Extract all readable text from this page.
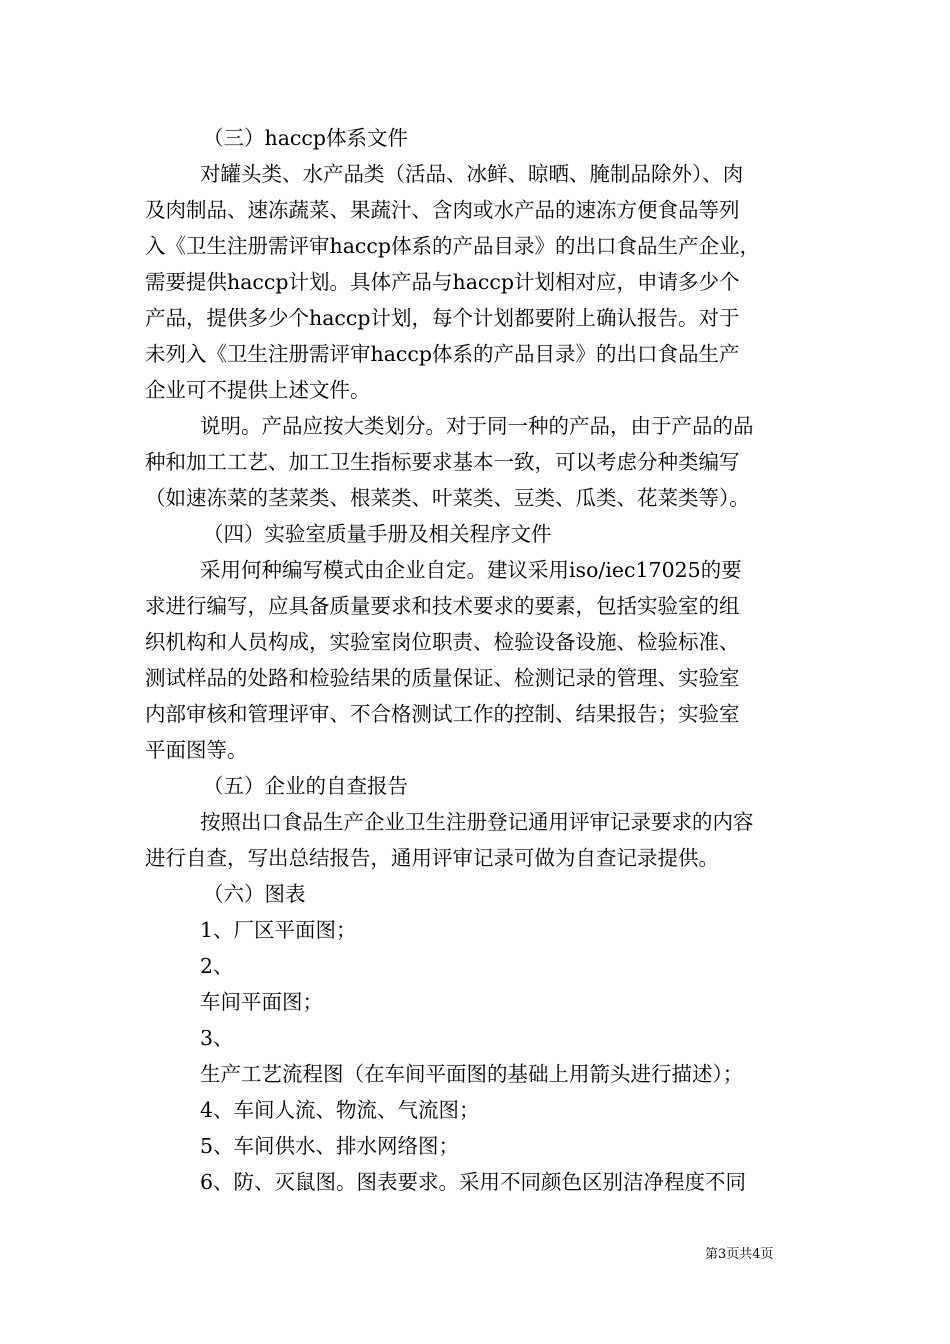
（三）haccp体系文件
对罐头类、水产品类（活品、冰鲜、晾晒、腌制品除外）、肉
及肉制品、速冻蔬菜、果蔬汁、含肉或水产品的速冻方便食品等列
入《卫生注册需评审haccp体系的产品目录》的出口食品生产企业，
需要提供haccp计划。具体产品与haccp计划相对应，申请多少个
产品，提供多少个haccp计划，每个计划都要附上确认报告。对于
未列入《卫生注册需评审haccp体系的产品目录》的出口食品生产
企业可不提供上述文件。
说明。产品应按大类划分。对于同一种的产品，由于产品的品
种和加工工艺、加工卫生指标要求基本一致，可以考虑分种类编写
（如速冻菜的茎菜类、根菜类、叶菜类、豆类、瓜类、花菜类等）。
（四）实验室质量手册及相关程序文件
采用何种编写模式由企业自定。建议采用iso/iec17025的要
求进行编写，应具备质量要求和技术要求的要素，包括实验室的组
织机构和人员构成，实验室岗位职责、检验设备设施、检验标准、
测试样品的处路和检验结果的质量保证、检测记录的管理、实验室
内部审核和管理评审、不合格测试工作的控制、结果报告；实验室
平面图等。
（五）企业的自查报告
按照出口食品生产企业卫生注册登记通用评审记录要求的内容
进行自查，写出总结报告，通用评审记录可做为自查记录提供。
（六）图表
1、厂区平面图；
2、
车间平面图；
3、
生产工艺流程图（在车间平面图的基础上用箭头进行描述）；
4、车间人流、物流、气流图；
5、车间供水、排水网络图；
6、防、灭鼠图。图表要求。采用不同颜色区别洁净程度不同
第3页共4页
